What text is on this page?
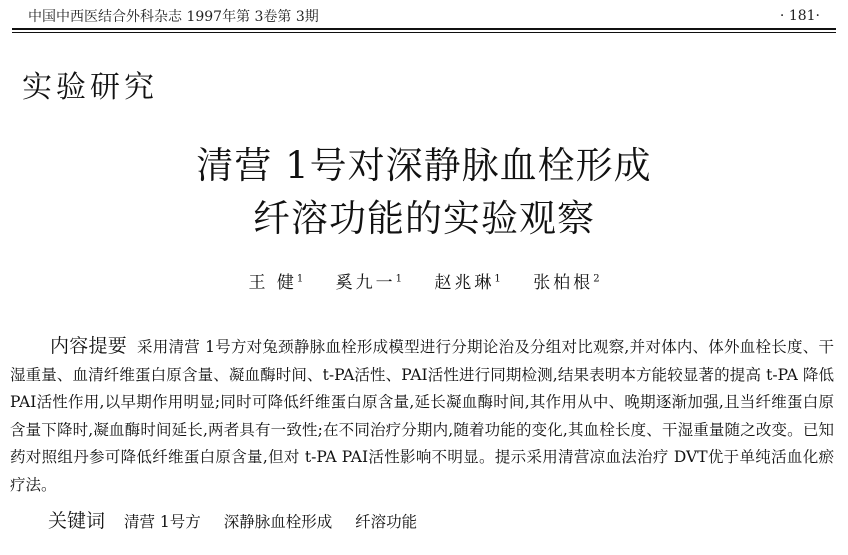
中国中西医结合外科杂志 1997年第 3卷第 3期	· 181·
实验研究
清营 1号对深静脉血栓形成
纤溶功能的实验观察
王 健$^1$ 奚九一$^1$ 赵兆琳$^1$ 张柏根$^2$
内容提要 采用清营 1号方对兔颈静脉血栓形成模型进行分期论治及分组对比观察,并对体内、体外血栓长度、干湿重量、血清纤维蛋白原含量、凝血酶时间、t-PA活性、PAI活性进行同期检测,结果表明本方能较显著的提高 t-PA 降低 PAI活性作用,以早期作用明显;同时可降低纤维蛋白原含量,延长凝血酶时间,其作用从中、晚期逐渐加强,且当纤维蛋白原含量下降时,凝血酶时间延长,两者具有一致性;在不同治疗分期内,随着功能的变化,其血栓长度、干湿重量随之改变。已知药对照组丹参可降低纤维蛋白原含量,但对 t-PA PAI活性影响不明显。提示采用清营凉血法治疗 DVT优于单纯活血化瘀疗法。
关键词 清营 1号方 深静脉血栓形成 纤溶功能
